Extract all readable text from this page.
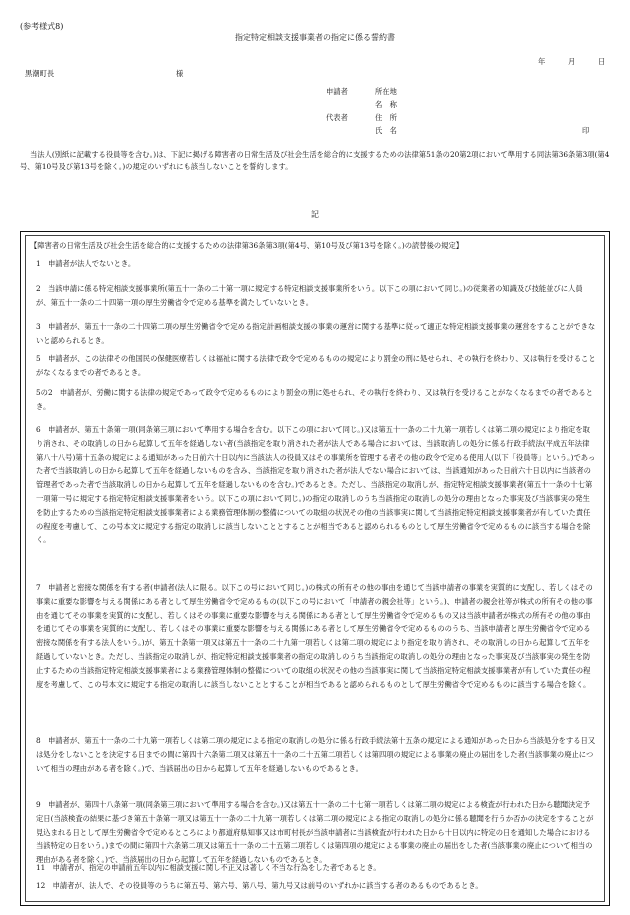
(参考様式8)
指定特定相談支援事業者の指定に係る誓約書
年	月	日
黒潮町長	様
申請者	所在地
名　称
代表者	住　所
氏　名	印
当法人(別紙に記載する役員等を含む。)は、下記に掲げる障害者の日常生活及び社会生活を総合的に支援するための法律第51条の20第2項において準用する同法第36条第3項(第4号、第10号及び第13号を除く。)の規定のいずれにも該当しないことを誓約します。
記
【障害者の日常生活及び社会生活を総合的に支援するための法律第36条第3項(第4号、第10号及び第13号を除く。)の読替後の規定】
1　申請者が法人でないとき。
2　当該申請に係る特定相談支援事業所(第五十一条の二十第一項に規定する特定相談支援事業所をいう。以下この項において同じ。)の従業者の知識及び技能並びに人員が、第五十一条の二十四第一項の厚生労働省令で定める基準を満たしていないとき。
3　申請者が、第五十一条の二十四第二項の厚生労働省令で定める指定計画相談支援の事業の運営に関する基準に従って適正な特定相談支援事業の運営をすることができないと認められるとき。
5　申請者が、この法律その他国民の保健医療若しくは福祉に関する法律で政令で定めるものの規定により罰金の刑に処せられ、その執行を終わり、又は執行を受けることがなくなるまでの者であるとき。
5の2　申請者が、労働に関する法律の規定であって政令で定めるものにより罰金の刑に処せられ、その執行を終わり、又は執行を受けることがなくなるまでの者であるとき。
6　申請者が、第五十条第一項(同条第三項において準用する場合を含む。以下この項において同じ。)又は第五十一条の二十九第一項若しくは第二項の規定により指定を取り消され、その取消しの日から起算して五年を経過しない者(当該指定を取り消された者が法人である場合においては、当該取消しの処分に係る行政手続法(平成五年法律第八十八号)第十五条の規定による通知があった日前六十日以内に当該法人の役員又はその事業所を管理する者その他の政令で定める使用人(以下「役員等」という。)であった者で当該取消しの日から起算して五年を経過しないものを含み、当該指定を取り消された者が法人でない場合においては、当該通知があった日前六十日以内に当該者の管理者であった者で当該取消しの日から起算して五年を経過しないものを含む。)であるとき。ただし、当該指定の取消しが、指定特定相談支援事業者(第五十一条の十七第一項第一号に規定する指定特定相談支援事業者をいう。以下この項において同じ。)の指定の取消しのうち当該指定の取消しの処分の理由となった事実及び当該事実の発生を防止するための当該指定特定相談支援事業者による業務管理体制の整備についての取組の状況その他の当該事実に関して当該指定特定相談支援事業者が有していた責任の程度を考慮して、この号本文に規定する指定の取消しに該当しないこととすることが相当であると認められるものとして厚生労働省令で定めるものに該当する場合を除く。
7　申請者と密接な関係を有する者(申請者(法人に限る。以下この号において同じ。)の株式の所有その他の事由を通じて当該申請者の事業を実質的に支配し、若しくはその事業に重要な影響を与える関係にある者として厚生労働省令で定めるもの(以下この号において「申請者の親会社等」という。)、申請者の親会社等が株式の所有その他の事由を通じてその事業を実質的に支配し、若しくはその事業に重要な影響を与える関係にある者として厚生労働省令で定めるもの又は当該申請者が株式の所有その他の事由を通じてその事業を実質的に支配し、若しくはその事業に重要な影響を与える関係にある者として厚生労働省令で定めるもののうち、当該申請者と厚生労働省令で定める密接な関係を有する法人をいう。)が、第五十条第一項又は第五十一条の二十九第一項若しくは第二項の規定により指定を取り消され、その取消しの日から起算して五年を経過していないとき。ただし、当該指定の取消しが、指定特定相談支援事業者の指定の取消しのうち当該指定の取消しの処分の理由となった事実及び当該事実の発生を防止するための当該指定特定相談支援事業者による業務管理体制の整備についての取組の状況その他の当該事実に関して当該指定特定相談支援事業者が有していた責任の程度を考慮して、この号本文に規定する指定の取消しに該当しないこととすることが相当であると認められるものとして厚生労働省令で定めるものに該当する場合を除く。
8　申請者が、第五十一条の二十九第一項若しくは第二項の規定による指定の取消しの処分に係る行政手続法第十五条の規定による通知があった日から当該処分をする日又は処分をしないことを決定する日までの間に第四十六条第二項又は第五十一条の二十五第二項若しくは第四項の規定による事業の廃止の届出をした者(当該事業の廃止について相当の理由がある者を除く。)で、当該届出の日から起算して五年を経過しないものであるとき。
9　申請者が、第四十八条第一項(同条第三項において準用する場合を含む。)又は第五十一条の二十七第一項若しくは第二項の規定による検査が行われた日から聴聞決定予定日(当該検査の結果に基づき第五十条第一項又は第五十一条の二十九第一項若しくは第二項の規定による指定の取消しの処分に係る聴聞を行うか否かの決定をすることが見込まれる日として厚生労働省令で定めるところにより都道府県知事又は市町村長が当該申請者に当該検査が行われた日から十日以内に特定の日を通知した場合における当該特定の日をいう。)までの間に第四十六条第二項又は第五十一条の二十五第二項若しくは第四項の規定による事業の廃止の届出をした者(当該事業の廃止について相当の理由がある者を除く。)で、当該届出の日から起算して五年を経過しないものであるとき。
11　申請者が、指定の申請前五年以内に相談支援に関し不正又は著しく不当な行為をした者であるとき。
12　申請者が、法人で、その役員等のうちに第五号、第六号、第八号、第九号又は前号のいずれかに該当する者のあるものであるとき。
